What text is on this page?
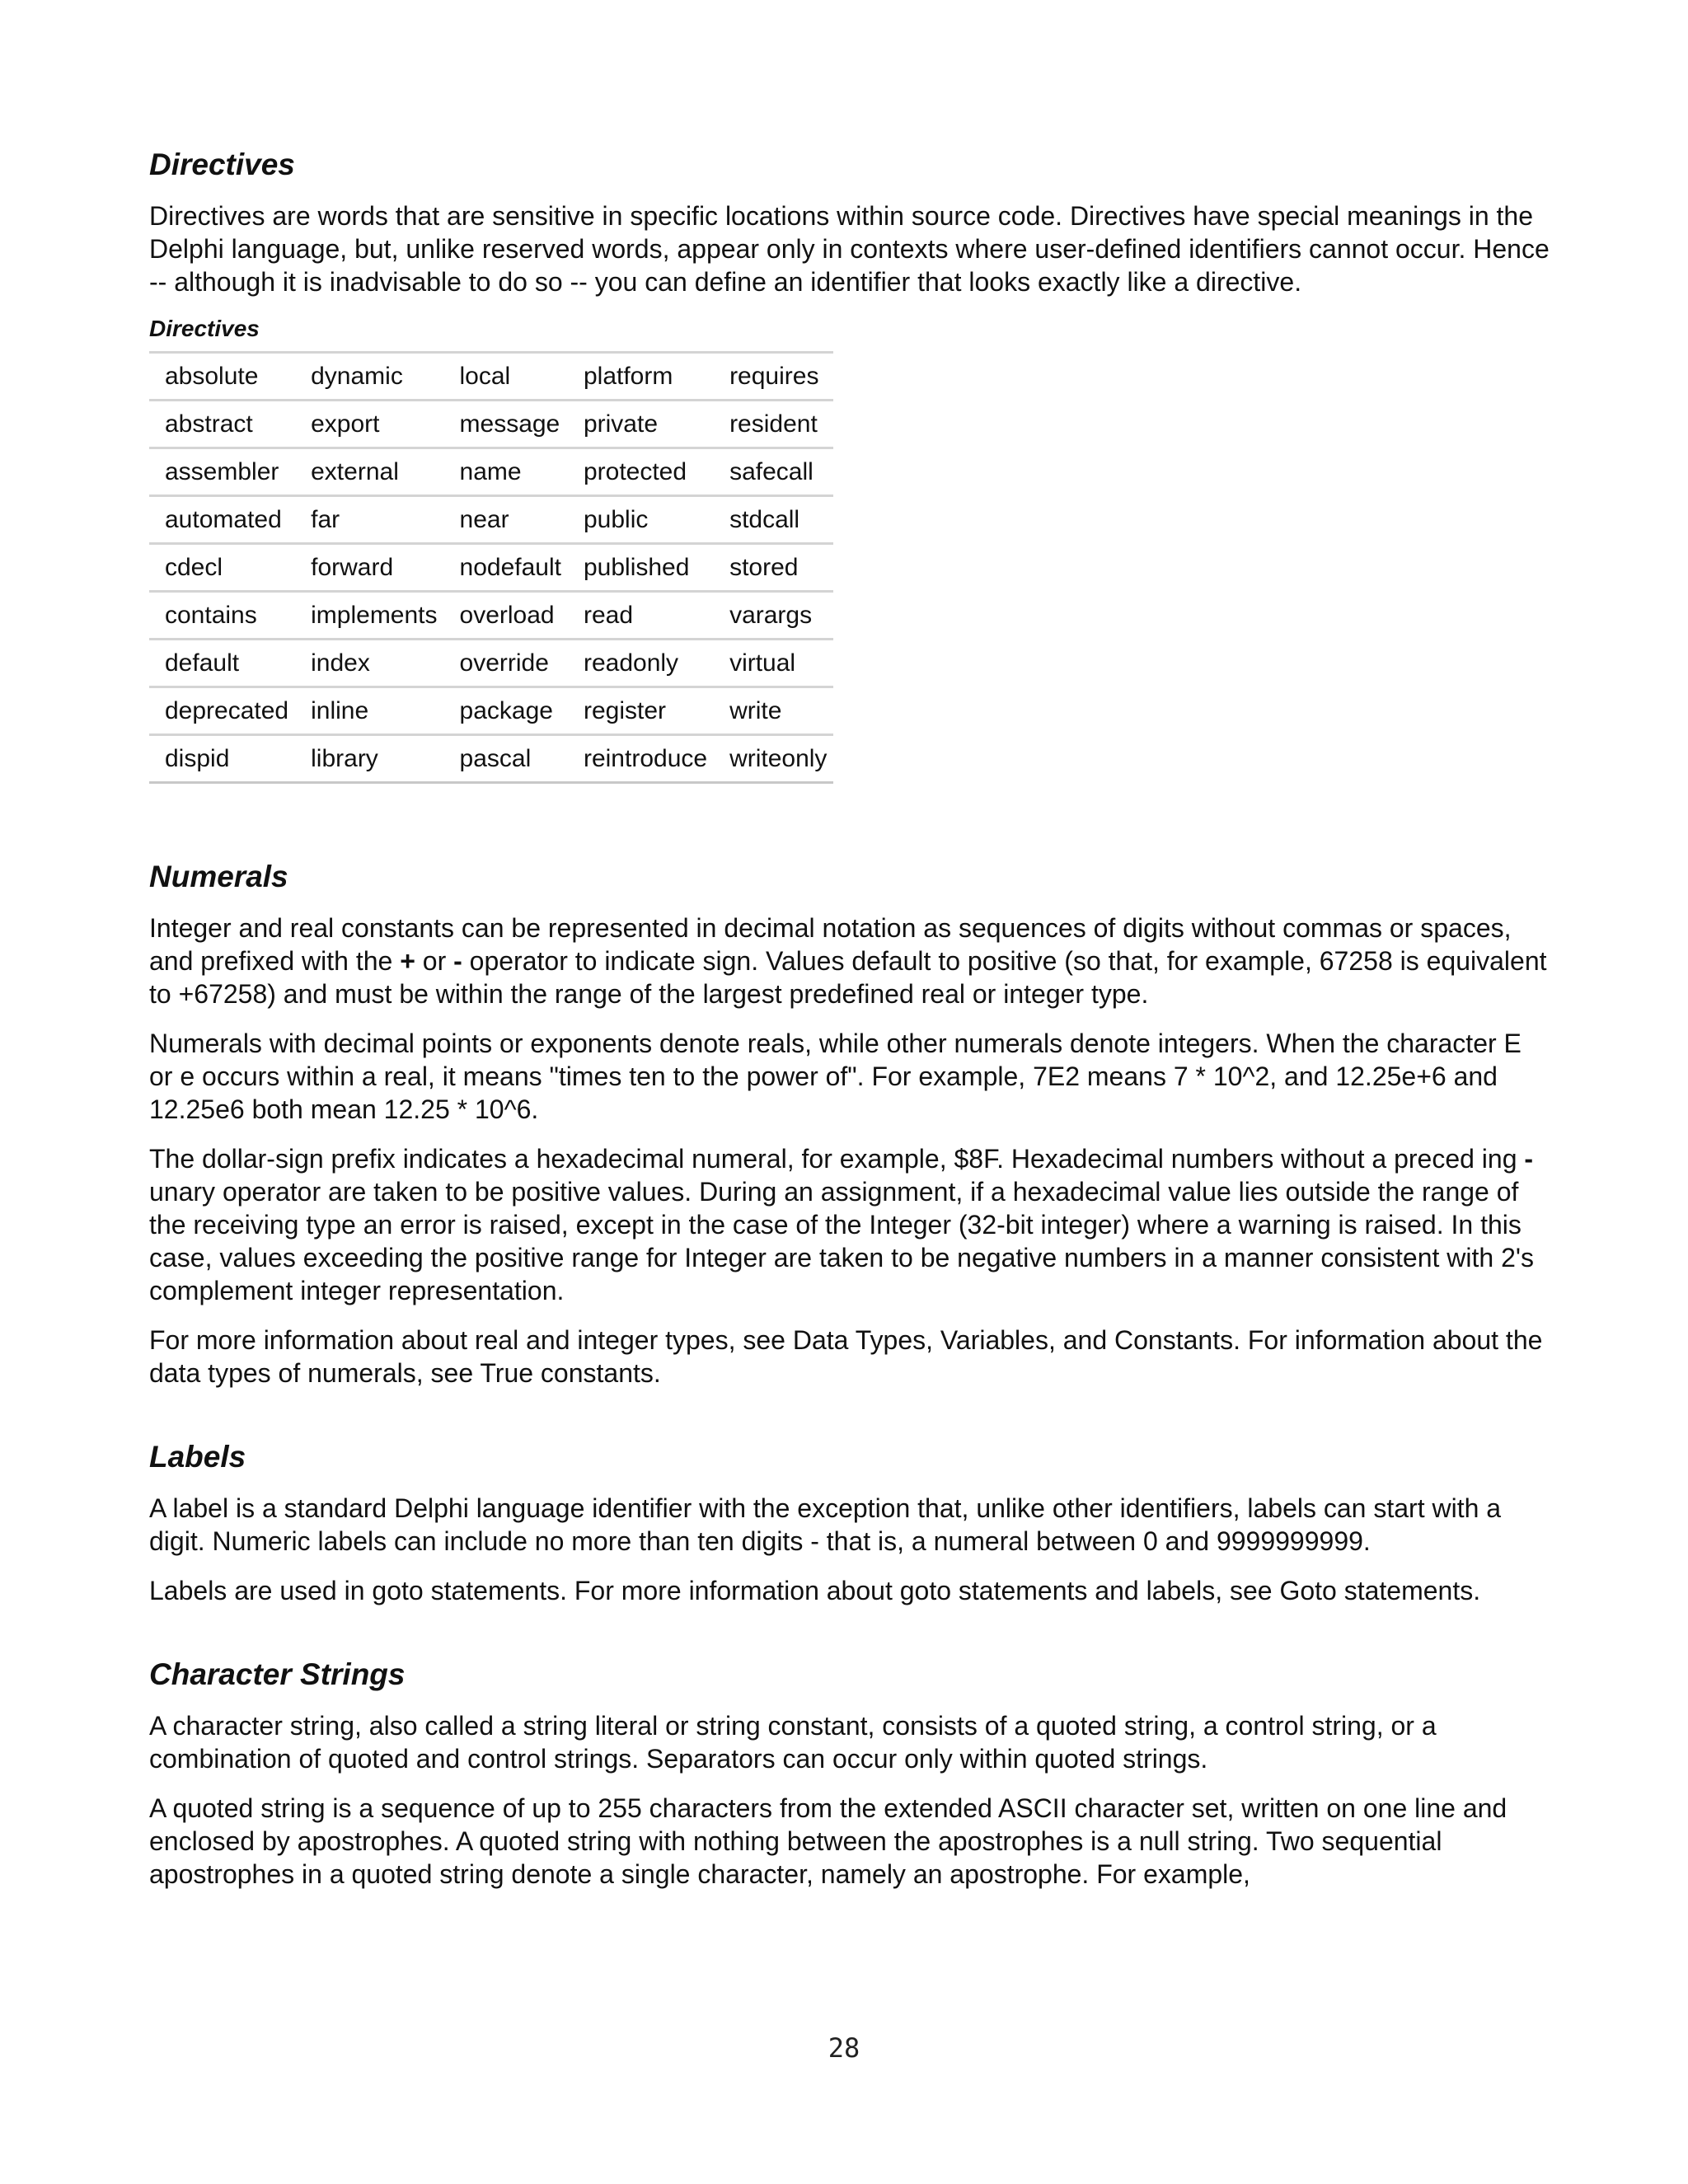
Directives

Directives are words that are sensitive in specific locations within source code. Directives have special meanings in the Delphi language, but, unlike reserved words, appear only in contexts where user-defined identifiers cannot occur. Hence -- although it is inadvisable to do so -- you can define an identifier that looks exactly like a directive.

Directives
absolute	dynamic	local	platform	requires
abstract	export	message	private	resident
assembler	external	name	protected	safecall
automated	far	near	public	stdcall
cdecl	forward	nodefault	published	stored
contains	implements	overload	read	varargs
default	index	override	readonly	virtual
deprecated	inline	package	register	write
dispid	library	pascal	reintroduce	writeonly
Numerals

Integer and real constants can be represented in decimal notation as sequences of digits without commas or spaces, and prefixed with the + or - operator to indicate sign. Values default to positive (so that, for example, 67258 is equivalent to +67258) and must be within the range of the largest predefined real or integer type.

Numerals with decimal points or exponents denote reals, while other numerals denote integers. When the character E or e occurs within a real, it means "times ten to the power of". For example, 7E2 means 7 * 10^2, and 12.25e+6 and 12.25e6 both mean 12.25 * 10^6.

The dollar-sign prefix indicates a hexadecimal numeral, for example, $8F. Hexadecimal numbers without a preced ing - unary operator are taken to be positive values. During an assignment, if a hexadecimal value lies outside the range of the receiving type an error is raised, except in the case of the Integer (32-bit integer) where a warning is raised. In this case, values exceeding the positive range for Integer are taken to be negative numbers in a manner consistent with 2's complement integer representation.

For more information about real and integer types, see Data Types, Variables, and Constants. For information about the data types of numerals, see True constants.

Labels

A label is a standard Delphi language identifier with the exception that, unlike other identifiers, labels can start with a digit. Numeric labels can include no more than ten digits - that is, a numeral between 0 and 9999999999.

Labels are used in goto statements. For more information about goto statements and labels, see Goto statements.

Character Strings

A character string, also called a string literal or string constant, consists of a quoted string, a control string, or a combination of quoted and control strings. Separators can occur only within quoted strings.

A quoted string is a sequence of up to 255 characters from the extended ASCII character set, written on one line and enclosed by apostrophes. A quoted string with nothing between the apostrophes is a null string. Two sequential apostrophes in a quoted string denote a single character, namely an apostrophe. For example,

28
